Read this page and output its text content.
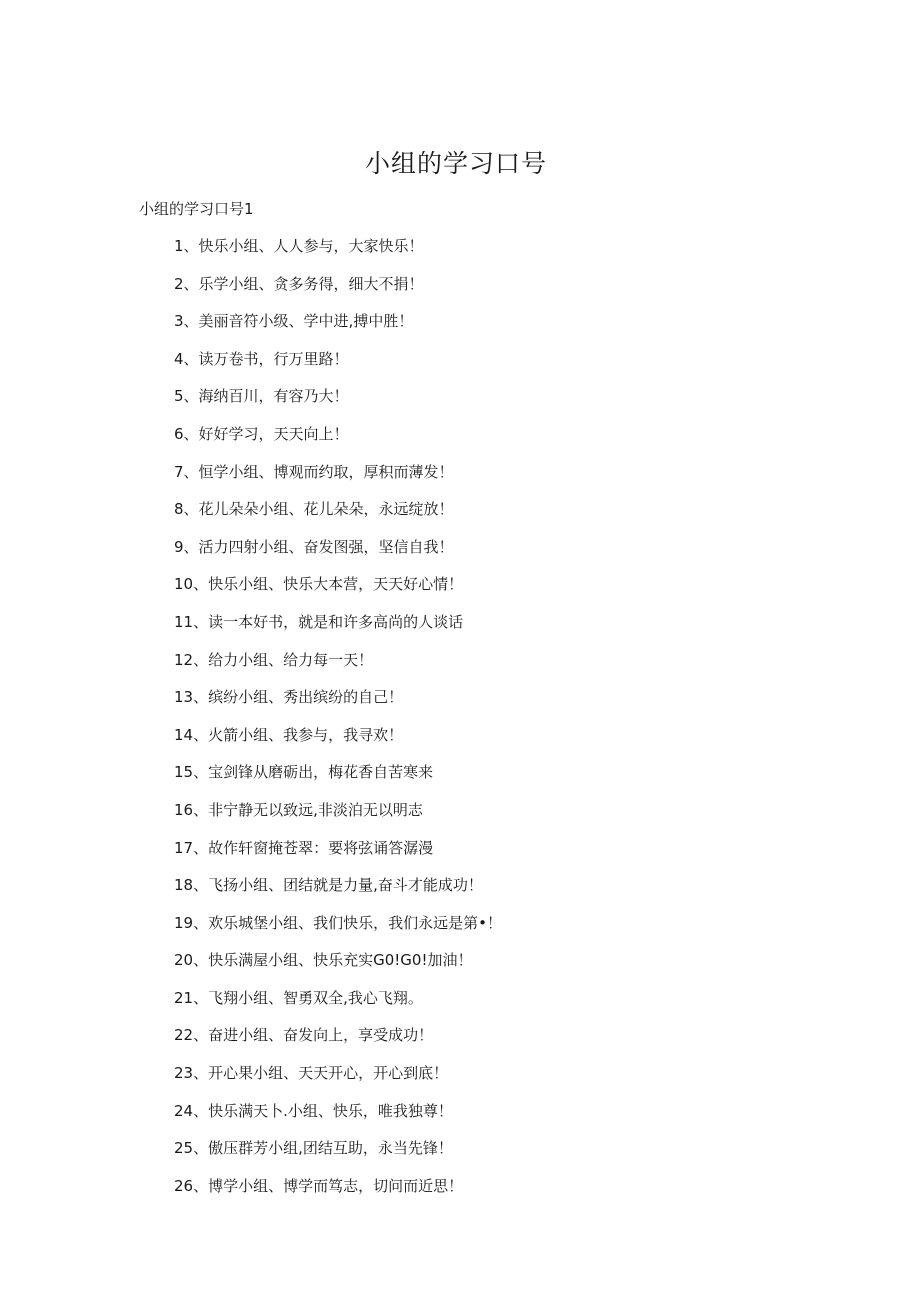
小组的学习口号
小组的学习口号1
1、快乐小组、人人参与，大家快乐！
2、乐学小组、贪多务得，细大不捐！
3、美丽音符小级、学中进,搏中胜！
4、读万卷书，行万里路！
5、海纳百川，有容乃大！
6、好好学习，天天向上！
7、恒学小组、博观而约取，厚积而薄发！
8、花儿朵朵小组、花儿朵朵，永远绽放！
9、活力四射小组、奋发图强，坚信自我！
10、快乐小组、快乐大本营，天天好心情！
11、读一本好书，就是和许多高尚的人谈话
12、给力小组、给力每一天！
13、缤纷小组、秀出缤纷的自己！
14、火箭小组、我参与，我寻欢！
15、宝剑锋从磨砺出，梅花香自苦寒来
16、非宁静无以致远,非淡泊无以明志
17、故作轩窗掩苍翠：要将弦诵答潺漫
18、飞扬小组、团结就是力量,奋斗才能成功！
19、欢乐城堡小组、我们快乐，我们永远是第•！
20、快乐满屋小组、快乐充实G0!G0!加油！
21、飞翔小组、智勇双全,我心飞翔。
22、奋进小组、奋发向上，享受成功！
23、开心果小组、天天开心，开心到底！
24、快乐满天卜.小组、快乐，唯我独尊！
25、傲压群芳小组,团结互助，永当先锋！
26、博学小组、博学而笃志，切问而近思！
